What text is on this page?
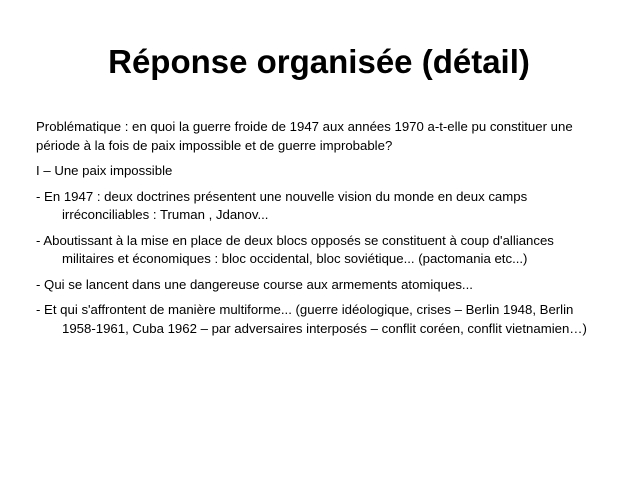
Réponse organisée (détail)

Problématique : en quoi la guerre froide de 1947 aux années 1970 a-t-elle pu constituer une période à la fois de paix impossible et de guerre improbable?

I – Une paix impossible

- En 1947 : deux doctrines présentent une nouvelle vision du monde en deux camps irréconciliables : Truman , Jdanov...

- Aboutissant à la mise en place de deux blocs opposés se constituent à coup d'alliances militaires et économiques : bloc occidental, bloc soviétique... (pactomania etc...)

- Qui se lancent dans une dangereuse course aux armements atomiques...

- Et qui s'affrontent de manière multiforme... (guerre idéologique, crises – Berlin 1948, Berlin 1958-1961, Cuba 1962 – par adversaires interposés – conflit coréen, conflit vietnamien…)
